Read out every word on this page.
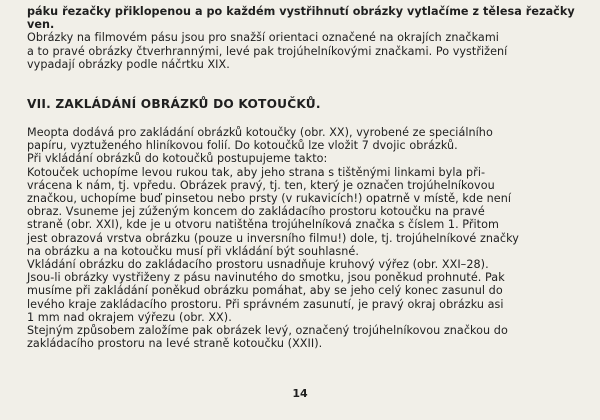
páku řezačky přiklopenou a po každém vystřihnutí obrázky vytlačíme z tělesa řezačky
ven.
Obrázky na filmovém pásu jsou pro snažší orientaci označené na okrajích značkami
a to pravé obrázky čtverhrannými, levé pak trojúhelníkovými značkami. Po vystřižení
vypadají obrázky podle náčrtku XIX.
VII. ZAKLÁDÁNÍ OBRÁZKŮ DO KOTOUČKŮ.
Meopta dodává pro zakládání obrázků kotoučky (obr. XX), vyrobené ze speciálního
papíru, vyztuženého hliníkovou folií. Do kotoučků lze vložit 7 dvojic obrázků.
Při vkládání obrázků do kotoučků postupujeme takto:
Kotouček uchopíme levou rukou tak, aby jeho strana s tištěnými linkami byla při-
vrácena k nám, tj. vpředu. Obrázek pravý, tj. ten, který je označen trojúhelníkovou
značkou, uchopíme buď pinsetou nebo prsty (v rukavicích!) opatrně v místě, kde není
obraz. Vsuneme jej zúženým koncem do zakládacího prostoru kotoučku na pravé
straně (obr. XXI), kde je u otvoru natištěna trojúhelníková značka s číslem 1. Přitom
jest obrazová vrstva obrázku (pouze u inversního filmu!) dole, tj. trojúhelníkové značky
na obrázku a na kotoučku musí při vkládání být souhlasné.
Vkládání obrázku do zakládacího prostoru usnadňuje kruhový výřez (obr. XXI–28).
Jsou-li obrázky vystřiženy z pásu navinutého do smotku, jsou poněkud prohnuté. Pak
musíme při zakládání poněkud obrázku pomáhat, aby se jeho celý konec zasunul do
levého kraje zakládacího prostoru. Při správném zasunutí, je pravý okraj obrázku asi
1 mm nad okrajem výřezu (obr. XX).
Stejným způsobem založíme pak obrázek levý, označený trojúhelníkovou značkou do
zakládacího prostoru na levé straně kotoučku (XXII).
14
